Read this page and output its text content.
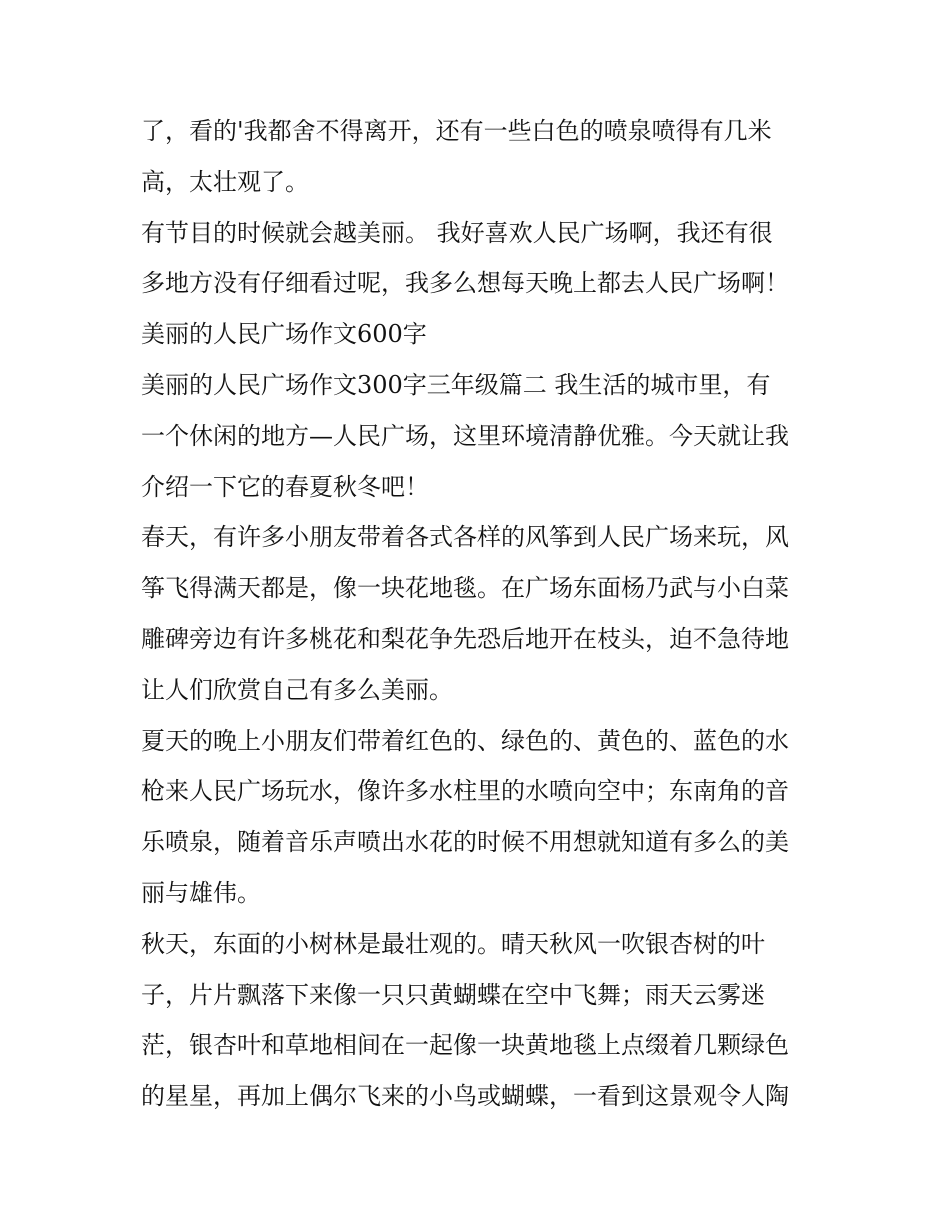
了，看的'我都舍不得离开，还有一些白色的喷泉喷得有几米
高，太壮观了。
有节目的时候就会越美丽。 我好喜欢人民广场啊，我还有很
多地方没有仔细看过呢，我多么想每天晚上都去人民广场啊！
美丽的人民广场作文600字
美丽的人民广场作文300字三年级篇二 我生活的城市里，有
一个休闲的地方—人民广场，这里环境清静优雅。今天就让我
介绍一下它的春夏秋冬吧！
春天，有许多小朋友带着各式各样的风筝到人民广场来玩，风
筝飞得满天都是，像一块花地毯。在广场东面杨乃武与小白菜
雕碑旁边有许多桃花和梨花争先恐后地开在枝头，迫不急待地
让人们欣赏自己有多么美丽。
夏天的晚上小朋友们带着红色的、绿色的、黄色的、蓝色的水
枪来人民广场玩水，像许多水柱里的水喷向空中；东南角的音
乐喷泉，随着音乐声喷出水花的时候不用想就知道有多么的美
丽与雄伟。
秋天，东面的小树林是最壮观的。晴天秋风一吹银杏树的叶
子，片片飘落下来像一只只黄蝴蝶在空中飞舞；雨天云雾迷
茫，银杏叶和草地相间在一起像一块黄地毯上点缀着几颗绿色
的星星，再加上偶尔飞来的小鸟或蝴蝶，一看到这景观令人陶
